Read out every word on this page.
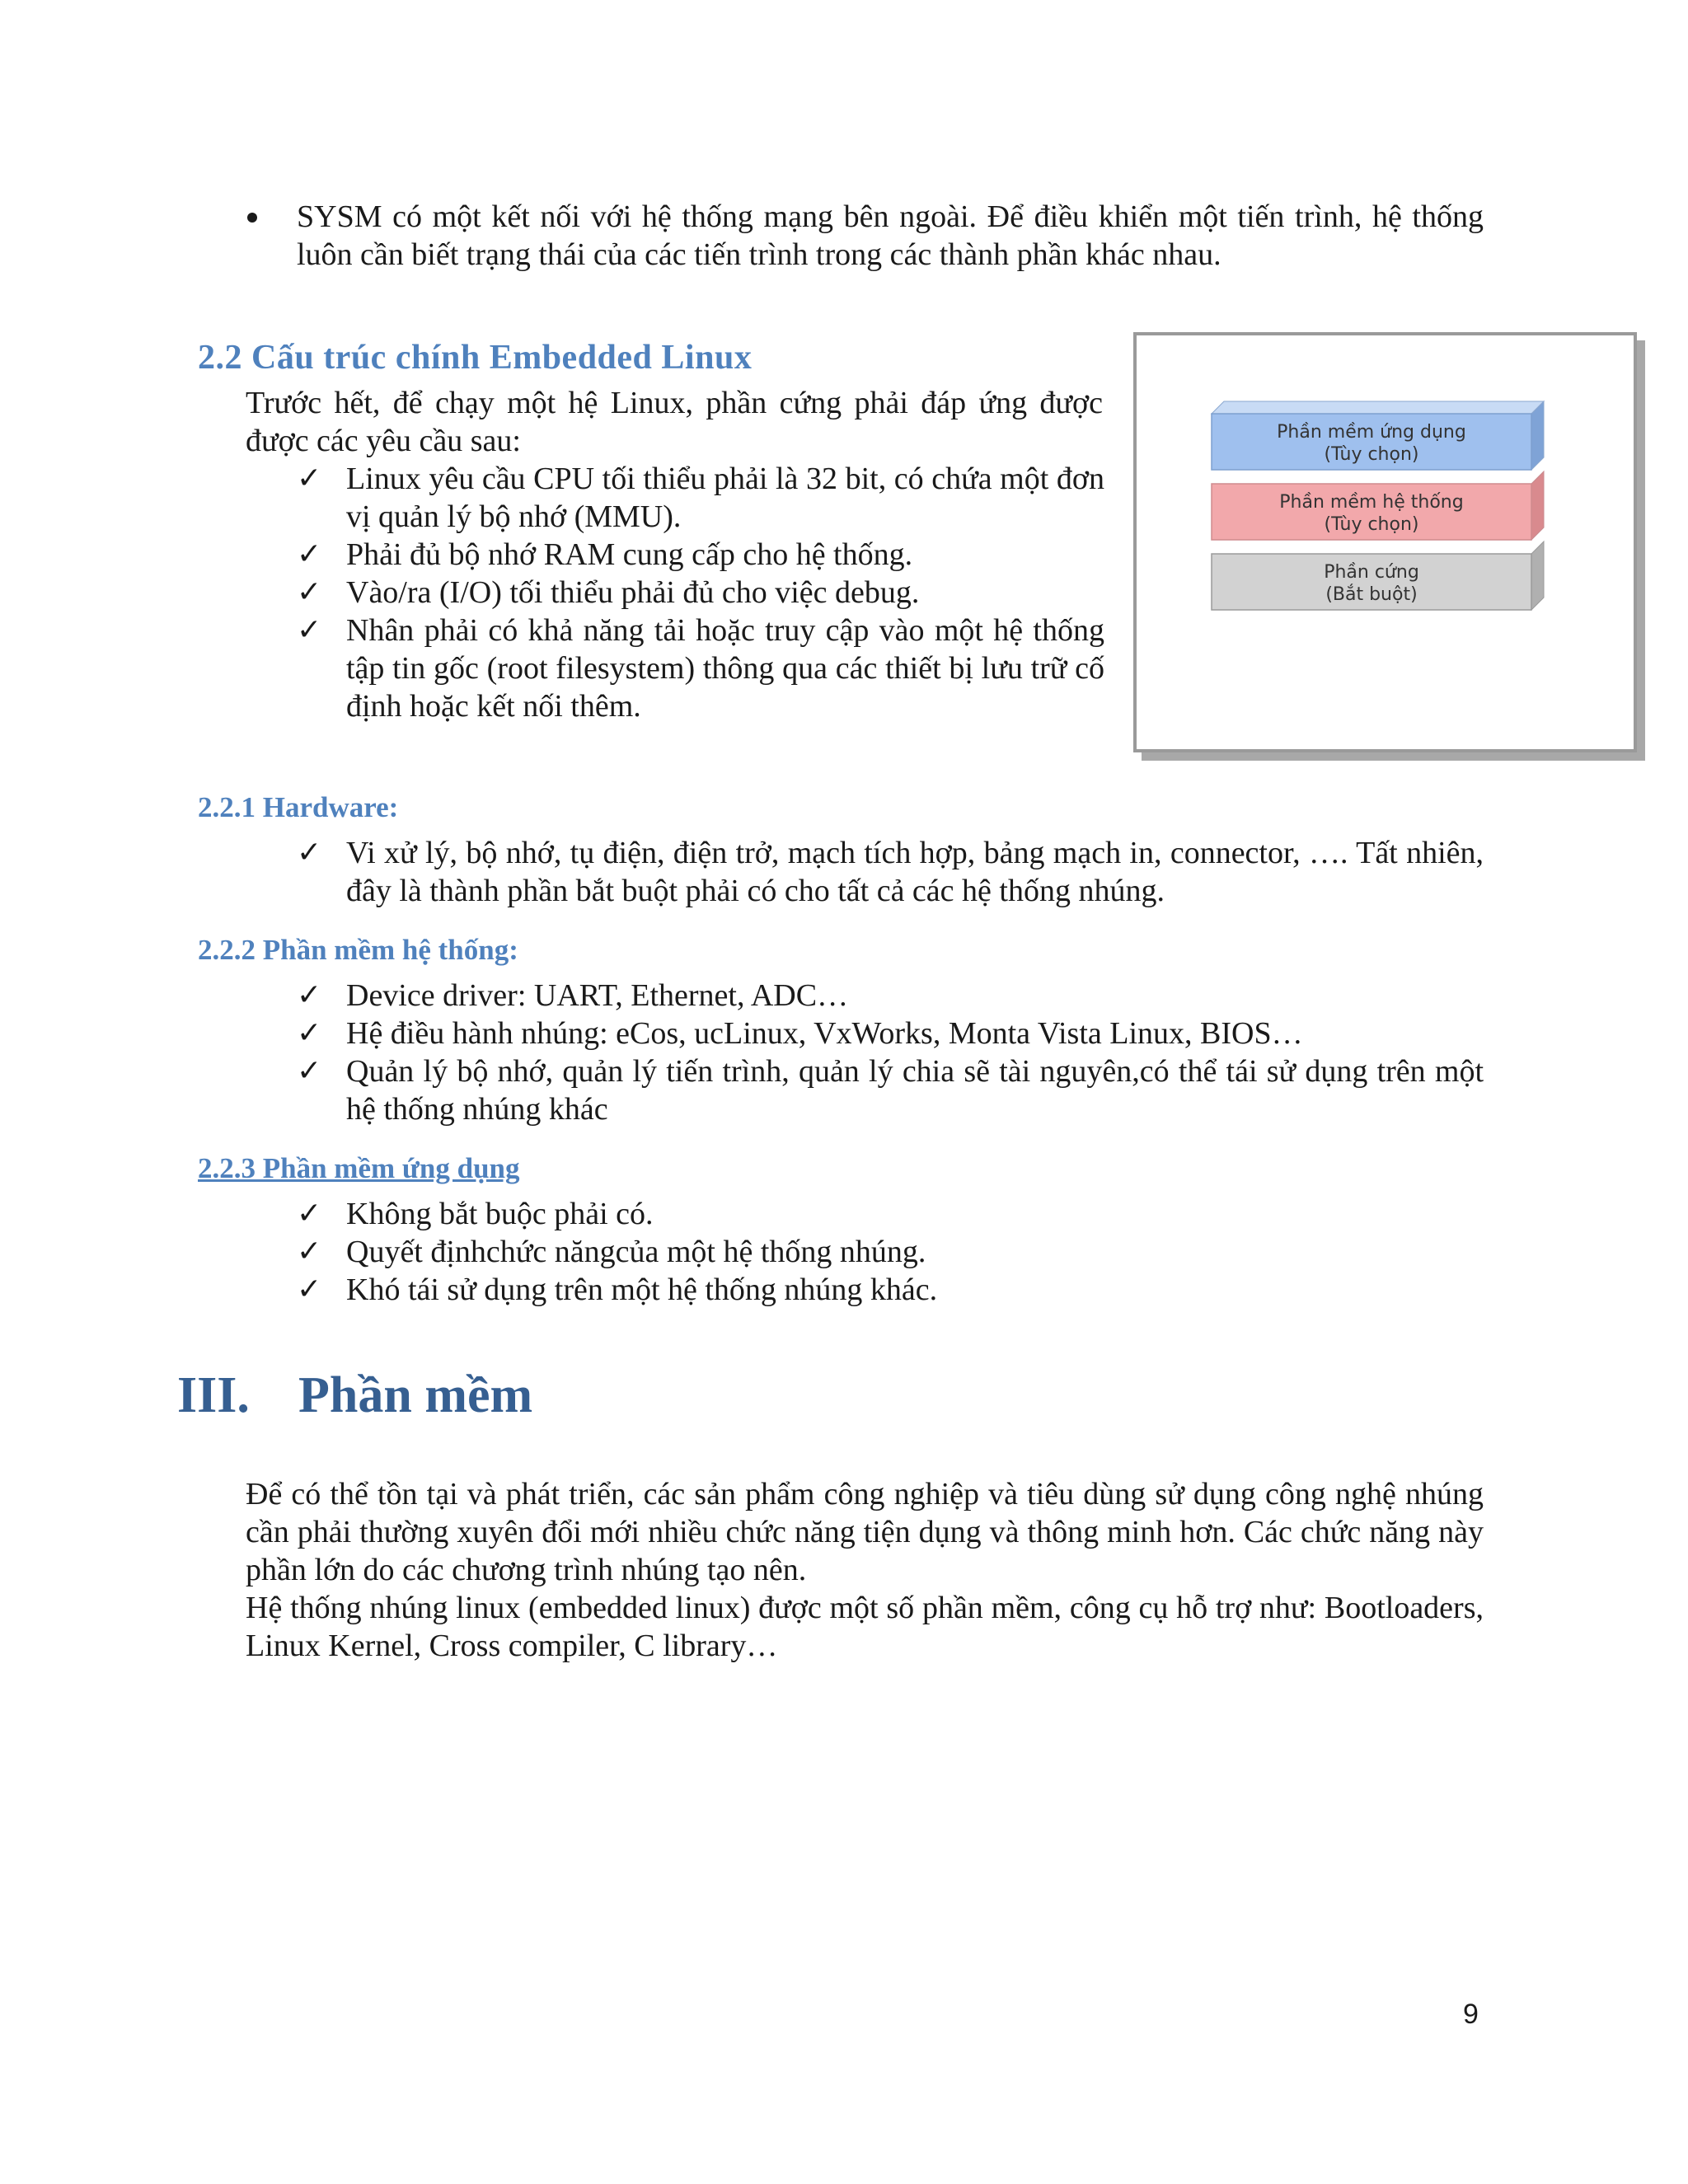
SYSM có một kết nối với hệ thống mạng bên ngoài. Để điều khiển một tiến trình, hệ thống luôn cần biết trạng thái của các tiến trình trong các thành phần khác nhau.
2.2 Cấu trúc chính Embedded Linux
Trước hết, để chạy một hệ Linux, phần cứng phải đáp ứng được được các yêu cầu sau:
✓ Linux yêu cầu CPU tối thiểu phải là 32 bit, có chứa một đơn vị quản lý bộ nhớ (MMU).
✓ Phải đủ bộ nhớ RAM cung cấp cho hệ thống.
✓ Vào/ra (I/O) tối thiểu phải đủ cho việc debug.
✓ Nhân phải có khả năng tải hoặc truy cập vào một hệ thống tập tin gốc (root filesystem) thông qua các thiết bị lưu trữ cố định hoặc kết nối thêm.
Phần mềm ứng dụng
(Tùy chọn)
Phần mềm hệ thống
(Tùy chọn)
Phần cứng
(Bắt buột)
2.2.1 Hardware:
✓ Vi xử lý, bộ nhớ, tụ điện, điện trở, mạch tích hợp, bảng mạch in, connector, …. Tất nhiên, đây là thành phần bắt buột phải có cho tất cả các hệ thống nhúng.
2.2.2 Phần mềm hệ thống:
✓ Device driver: UART, Ethernet, ADC…
✓ Hệ điều hành nhúng: eCos, ucLinux, VxWorks, Monta Vista Linux, BIOS…
✓ Quản lý bộ nhớ, quản lý tiến trình, quản lý chia sẽ tài nguyên,có thể tái sử dụng trên một hệ thống nhúng khác
2.2.3 Phần mềm ứng dụng
✓ Không bắt buộc phải có.
✓ Quyết địnhchức năngcủa một hệ thống nhúng.
✓ Khó tái sử dụng trên một hệ thống nhúng khác.
III. Phần mềm
Để có thể tồn tại và phát triển, các sản phẩm công nghiệp và tiêu dùng sử dụng công nghệ nhúng cần phải thường xuyên đổi mới nhiều chức năng tiện dụng và thông minh hơn. Các chức năng này phần lớn do các chương trình nhúng tạo nên.
Hệ thống nhúng linux (embedded linux) được một số phần mềm, công cụ hỗ trợ như: Bootloaders, Linux Kernel, Cross compiler, C library…
9
